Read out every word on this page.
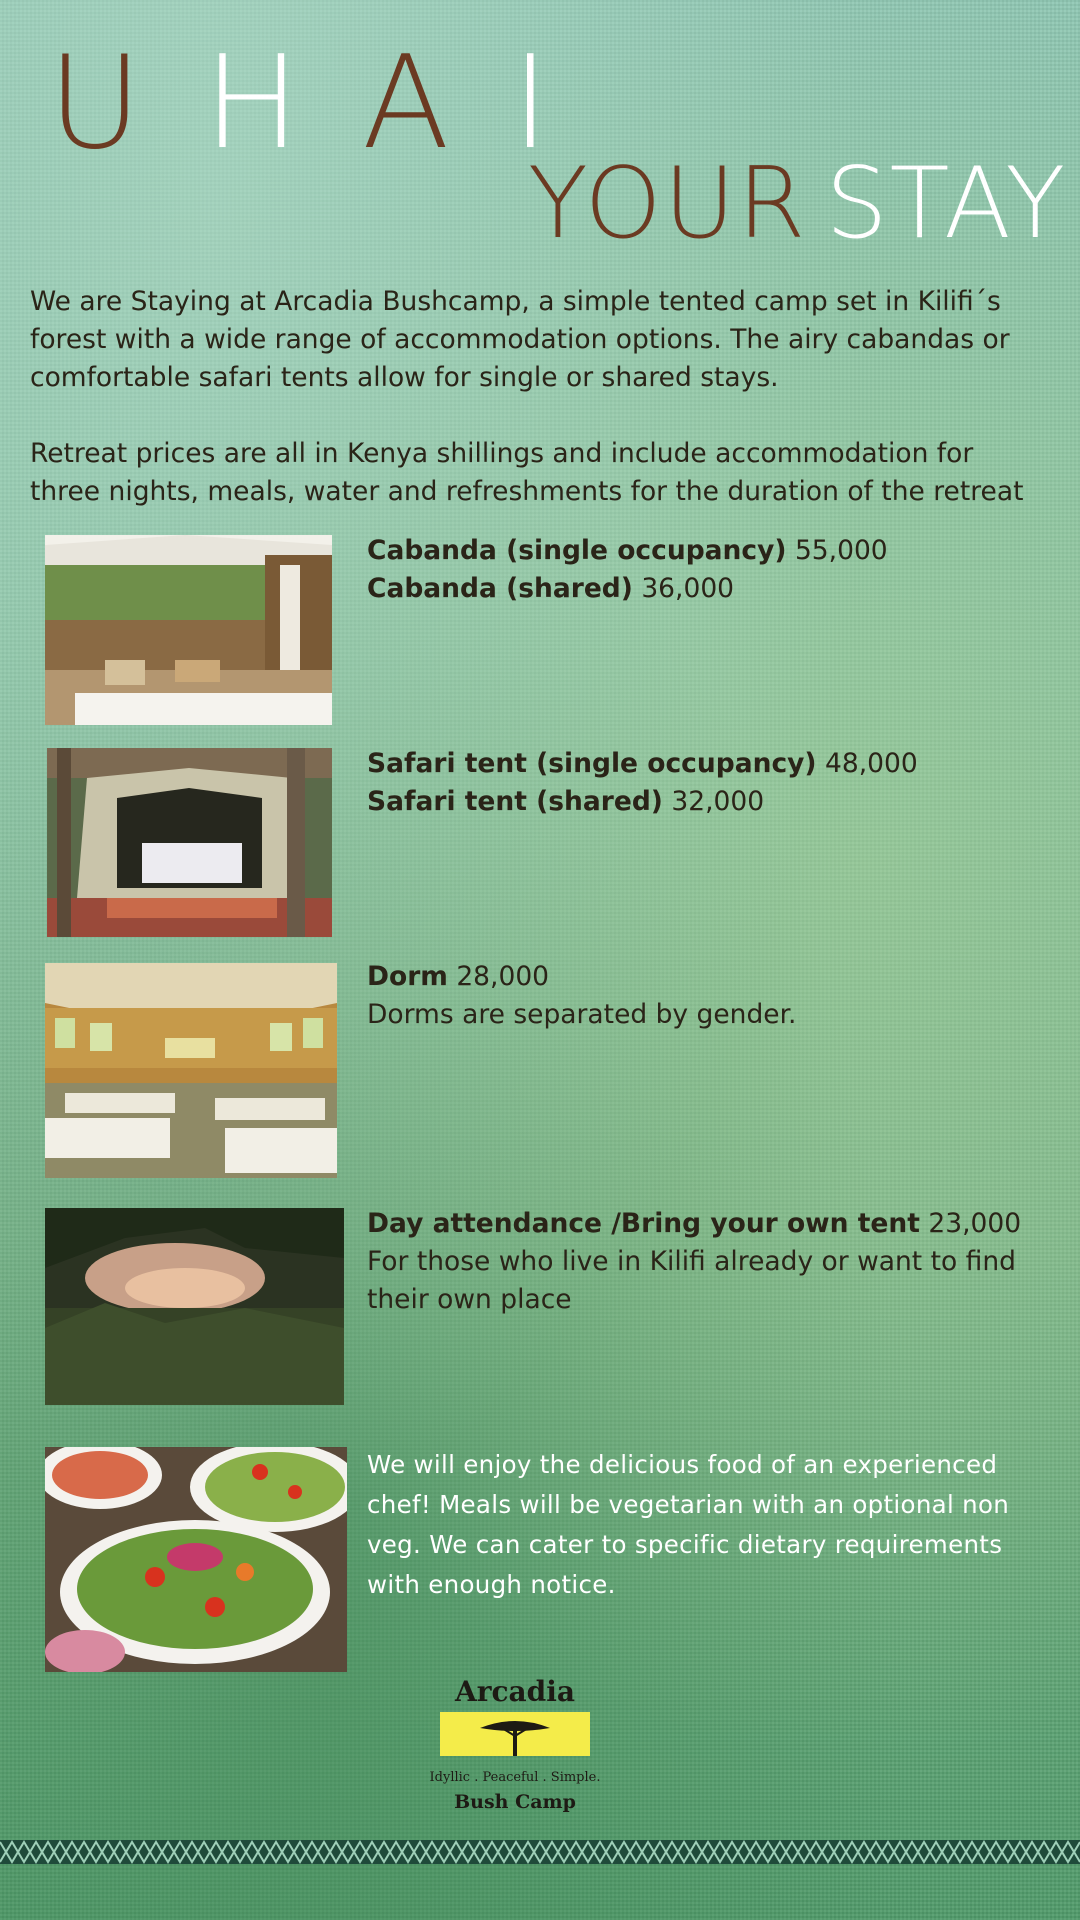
UHAI
YOUR STAY
We are Staying at Arcadia Bushcamp, a simple tented camp set in Kilifi´s forest with a wide range of accommodation options. The airy cabandas or comfortable safari tents allow for single or shared stays.
Retreat prices are all in Kenya shillings and include accommodation for three nights, meals, water and refreshments for the duration of the retreat
Cabanda (single occupancy) 55,000
Cabanda (shared) 36,000
Safari tent (single occupancy) 48,000
Safari tent (shared) 32,000
Dorm 28,000
Dorms are separated by gender.
Day attendance /Bring your own tent 23,000
For those who live in Kilifi already or want to find their own place
We will enjoy the delicious food of an experienced chef! Meals will be vegetarian with an optional non veg. We can cater to specific dietary requirements with enough notice.
Arcadia
Idyllic . Peaceful . Simple.
Bush Camp
